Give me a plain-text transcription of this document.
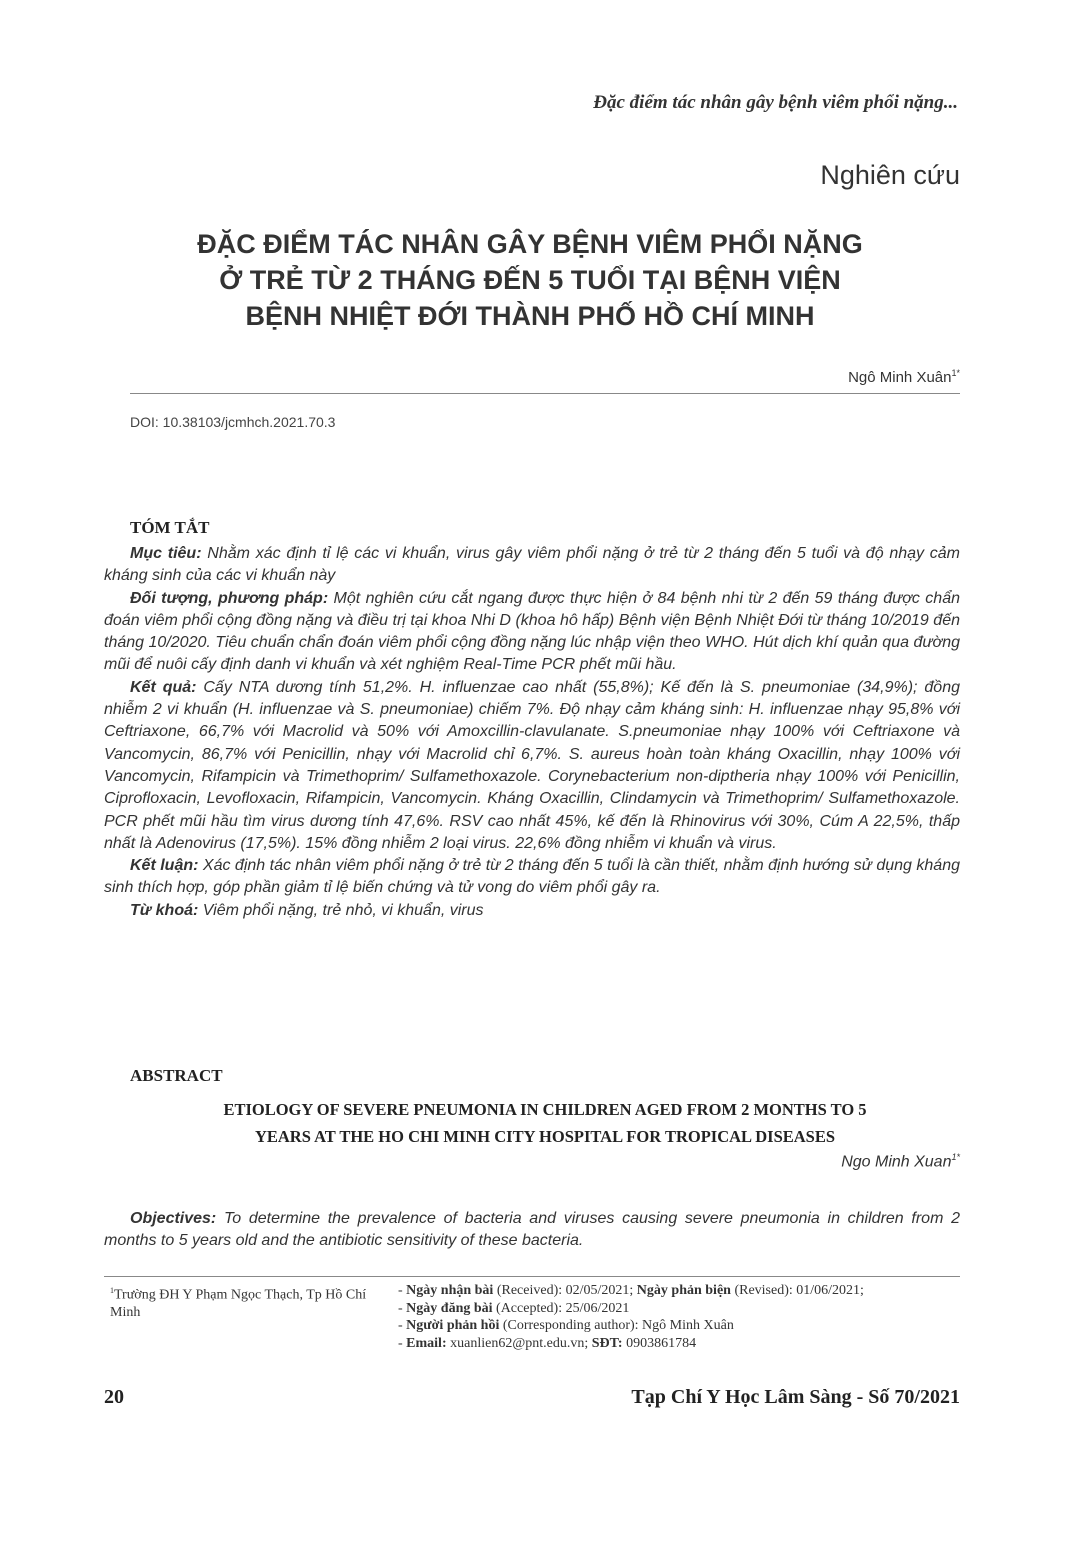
Đặc điểm tác nhân gây bệnh viêm phổi nặng...
Nghiên cứu
ĐẶC ĐIỂM TÁC NHÂN GÂY BỆNH VIÊM PHỔI NẶNG
Ở TRẺ TỪ 2 THÁNG ĐẾN 5 TUỔI TẠI BỆNH VIỆN
BỆNH NHIỆT ĐỚI THÀNH PHỐ HỒ CHÍ MINH
Ngô Minh Xuân$^{1*}$
DOI: 10.38103/jcmhch.2021.70.3
TÓM TẮT

Mục tiêu: Nhằm xác định tỉ lệ các vi khuẩn, virus gây viêm phổi nặng ở trẻ từ 2 tháng đến 5 tuổi và độ nhạy cảm kháng sinh của các vi khuẩn này

Đối tượng, phương pháp: Một nghiên cứu cắt ngang được thực hiện ở 84 bệnh nhi từ 2 đến 59 tháng được chẩn đoán viêm phổi cộng đồng nặng và điều trị tại khoa Nhi D (khoa hô hấp) Bệnh viện Bệnh Nhiệt Đới từ tháng 10/2019 đến tháng 10/2020. Tiêu chuẩn chẩn đoán viêm phổi cộng đồng nặng lúc nhập viện theo WHO. Hút dịch khí quản qua đường mũi để nuôi cấy định danh vi khuẩn và xét nghiệm Real-Time PCR phết mũi hầu.

Kết quả: Cấy NTA dương tính 51,2%. H. influenzae cao nhất (55,8%); Kế đến là S. pneumoniae (34,9%); đồng nhiễm 2 vi khuẩn (H. influenzae và S. pneumoniae) chiếm 7%. Độ nhạy cảm kháng sinh: H. influenzae nhạy 95,8% với Ceftriaxone, 66,7% với Macrolid và 50% với Amoxcillin-clavulanate. S.pneumoniae nhạy 100% với Ceftriaxone và Vancomycin, 86,7% với Penicillin, nhạy với Macrolid chỉ 6,7%. S. aureus hoàn toàn kháng Oxacillin, nhạy 100% với Vancomycin, Rifampicin và Trimethoprim/ Sulfamethoxazole. Corynebacterium non-diptheria nhạy 100% với Penicillin, Ciprofloxacin, Levofloxacin, Rifampicin, Vancomycin. Kháng Oxacillin, Clindamycin và Trimethoprim/ Sulfamethoxazole. PCR phết mũi hầu tìm virus dương tính 47,6%. RSV cao nhất 45%, kế đến là Rhinovirus với 30%, Cúm A 22,5%, thấp nhất là Adenovirus (17,5%). 15% đồng nhiễm 2 loại virus. 22,6% đồng nhiễm vi khuẩn và virus.

Kết luận: Xác định tác nhân viêm phổi nặng ở trẻ từ 2 tháng đến 5 tuổi là cần thiết, nhằm định hướng sử dụng kháng sinh thích hợp, góp phần giảm tỉ lệ biến chứng và tử vong do viêm phổi gây ra.

Từ khoá: Viêm phổi nặng, trẻ nhỏ, vi khuẩn, virus

ABSTRACT
ETIOLOGY OF SEVERE PNEUMONIA IN CHILDREN AGED FROM 2 MONTHS TO 5
YEARS AT THE HO CHI MINH CITY HOSPITAL FOR TROPICAL DISEASES
Ngo Minh Xuan$^{1*}$

Objectives: To determine the prevalence of bacteria and viruses causing severe pneumonia in children from 2 months to 5 years old and the antibiotic sensitivity of these bacteria.

$^1$Trường ĐH Y Phạm Ngọc Thạch, Tp Hồ Chí Minh
- Ngày nhận bài (Received): 02/05/2021; Ngày phản biện (Revised): 01/06/2021;
- Ngày đăng bài (Accepted): 25/06/2021
- Người phản hồi (Corresponding author): Ngô Minh Xuân
- Email: xuanlien62@pnt.edu.vn; SĐT: 0903861784
20	Tạp Chí Y Học Lâm Sàng - Số 70/2021
